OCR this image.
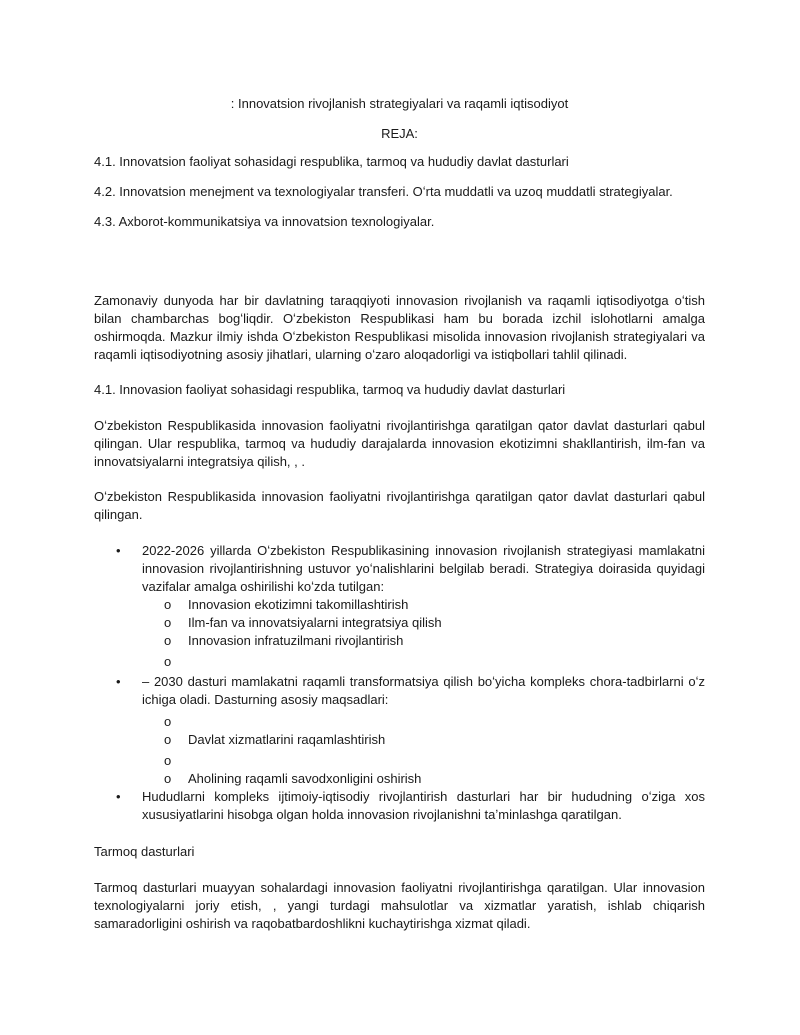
: Innovatsion rivojlanish strategiyalari va raqamli iqtisodiyot

REJA:

4.1. Innovatsion faoliyat sohasidagi respublika, tarmoq va hududiy davlat dasturlari

4.2. Innovatsion menejment va texnologiyalar transferi. Oʻrta muddatli va uzoq muddatli strategiyalar.

4.3. Axborot-kommunikatsiya va innovatsion texnologiyalar.

Zamonaviy dunyoda har bir davlatning taraqqiyoti innovasion rivojlanish va raqamli iqtisodiyotga oʻtish bilan chambarchas bogʻliqdir. Oʻzbekiston Respublikasi ham bu borada izchil islohotlarni amalga oshirmoqda. Mazkur ilmiy ishda Oʻzbekiston Respublikasi misolida innovasion rivojlanish strategiyalari va raqamli iqtisodiyotning asosiy jihatlari, ularning oʻzaro aloqadorligi va istiqbollari tahlil qilinadi.

4.1. Innovasion faoliyat sohasidagi respublika, tarmoq va hududiy davlat dasturlari

Oʻzbekiston Respublikasida innovasion faoliyatni rivojlantirishga qaratilgan qator davlat dasturlari qabul qilingan. Ular respublika, tarmoq va hududiy darajalarda innovasion ekotizimni shakllantirish, ilm-fan va innovatsiyalarni integratsiya qilish, , .

Oʻzbekiston Respublikasida innovasion faoliyatni rivojlantirishga qaratilgan qator davlat dasturlari qabul qilingan.

• 2022-2026 yillarda Oʻzbekiston Respublikasining innovasion rivojlanish strategiyasi mamlakatni innovasion rivojlantirishning ustuvor yoʻnalishlarini belgilab beradi. Strategiya doirasida quyidagi vazifalar amalga oshirilishi koʻzda tutilgan:
o Innovasion ekotizimni takomillashtirish
o Ilm-fan va innovatsiyalarni integratsiya qilish
o Innovasion infratuzilmani rivojlantirish
o
• – 2030 dasturi mamlakatni raqamli transformatsiya qilish boʻyicha kompleks chora-tadbirlarni oʻz ichiga oladi. Dasturning asosiy maqsadlari:
o
o Davlat xizmatlarini raqamlashtirish
o
o Aholining raqamli savodxonligini oshirish
• Hududlarni kompleks ijtimoiy-iqtisodiy rivojlantirish dasturlari har bir hududning oʻziga xos xususiyatlarini hisobga olgan holda innovasion rivojlanishni taʼminlashga qaratilgan.

Tarmoq dasturlari

Tarmoq dasturlari muayyan sohalardagi innovasion faoliyatni rivojlantirishga qaratilgan. Ular innovasion texnologiyalarni joriy etish, , yangi turdagi mahsulotlar va xizmatlar yaratish, ishlab chiqarish samaradorligini oshirish va raqobatbardoshlikni kuchaytirishga xizmat qiladi.
